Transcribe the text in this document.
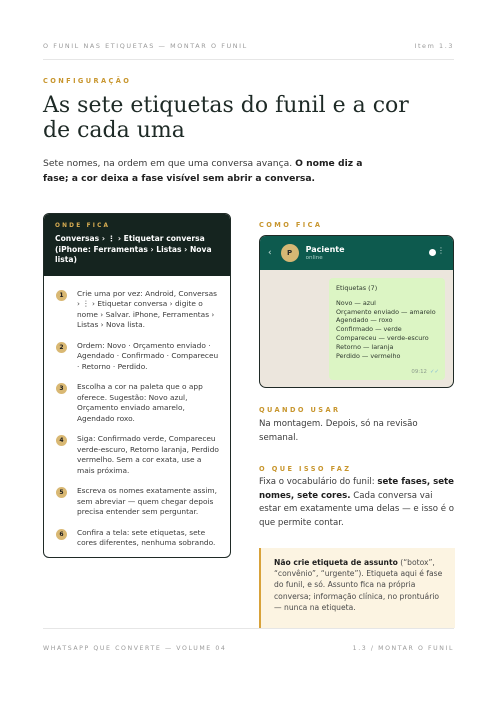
O FUNIL NAS ETIQUETAS — MONTAR O FUNIL	Item 1.3
CONFIGURAÇÃO
As sete etiquetas do funil e a cor de cada uma

Sete nomes, na ordem em que uma conversa avança. O nome diz a fase; a cor deixa a fase visível sem abrir a conversa.

ONDE FICA
Conversas › ⋮ › Etiquetar conversa (iPhone: Ferramentas › Listas › Nova lista)
1	Crie uma por vez: Android, Conversas › ⋮ › Etiquetar conversa › digite o nome › Salvar. iPhone, Ferramentas › Listas › Nova lista.
2	Ordem: Novo · Orçamento enviado · Agendado · Confirmado · Compareceu · Retorno · Perdido.
3	Escolha a cor na paleta que o app oferece. Sugestão: Novo azul, Orçamento enviado amarelo, Agendado roxo.
4	Siga: Confirmado verde, Compareceu verde-escuro, Retorno laranja, Perdido vermelho. Sem a cor exata, use a mais próxima.
5	Escreva os nomes exatamente assim, sem abreviar — quem chegar depois precisa entender sem perguntar.
6	Confira a tela: sete etiquetas, sete cores diferentes, nenhuma sobrando.
COMO FICA
‹	P	Paciente
online
⋮
Etiquetas (7)
Novo — azul
Orçamento enviado — amarelo
Agendado — roxo
Confirmado — verde
Compareceu — verde-escuro
Retorno — laranja
Perdido — vermelho
09:12 ✓✓
QUANDO USAR

Na montagem. Depois, só na revisão semanal.

O QUE ISSO FAZ

Fixa o vocabulário do funil: sete fases, sete nomes, sete cores. Cada conversa vai estar em exatamente uma delas — e isso é o que permite contar.

Não crie etiqueta de assunto (“botox”, “convênio”, “urgente”). Etiqueta aqui é fase do funil, e só. Assunto fica na própria conversa; informação clínica, no prontuário — nunca na etiqueta.
WHATSAPP QUE CONVERTE — VOLUME 04	1.3 / MONTAR O FUNIL
